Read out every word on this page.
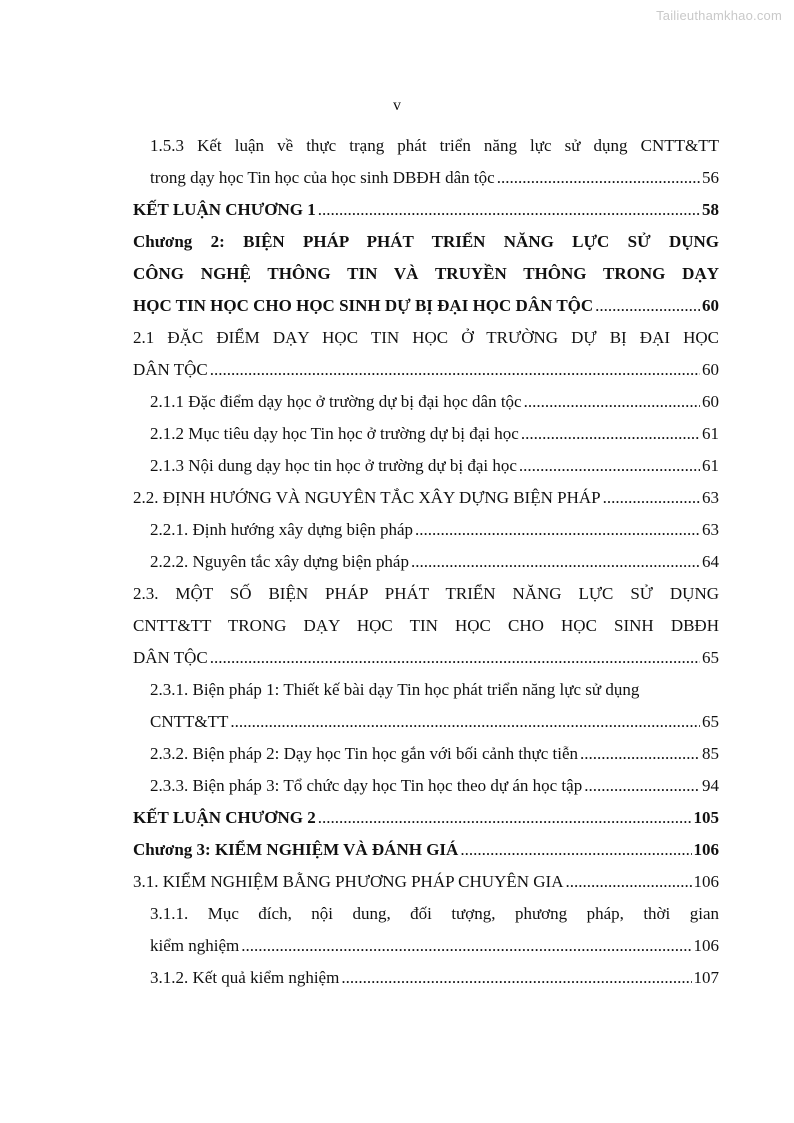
Tailieuthamkhao.com
v
1.5.3 Kết luận về thực trạng phát triển năng lực sử dụng CNTT&TT
trong dạy học Tin học của học sinh DBĐH dân tộc .....	56
KẾT LUẬN CHƯƠNG 1 .....	58
Chương 2: BIỆN PHÁP PHÁT TRIỂN NĂNG LỰC SỬ DỤNG
CÔNG NGHỆ THÔNG TIN VÀ TRUYỀN THÔNG TRONG DẠY
HỌC TIN HỌC CHO HỌC SINH DỰ BỊ ĐẠI HỌC DÂN TỘC .....	60
2.1 ĐẶC ĐIỂM DẠY HỌC TIN HỌC Ở TRƯỜNG DỰ BỊ ĐẠI HỌC
DÂN TỘC .....	60
2.1.1 Đặc điểm dạy học ở trường dự bị đại học dân tộc .....	60
2.1.2 Mục tiêu dạy học Tin học ở trường dự bị đại học .....	61
2.1.3 Nội dung dạy học tin học ở trường dự bị đại học .....	61
2.2. ĐỊNH HƯỚNG VÀ NGUYÊN TẮC XÂY DỰNG BIỆN PHÁP .....	63
2.2.1. Định hướng xây dựng biện pháp .....	63
2.2.2. Nguyên tắc xây dựng biện pháp .....	64
2.3. MỘT SỐ BIỆN PHÁP PHÁT TRIỂN NĂNG LỰC SỬ DỤNG
CNTT&TT TRONG DẠY HỌC TIN HỌC CHO HỌC SINH DBĐH
DÂN TỘC .....	65
2.3.1. Biện pháp 1: Thiết kế bài dạy Tin học phát triển năng lực sử dụng
CNTT&TT .....	65
2.3.2. Biện pháp 2: Dạy học Tin học gắn với bối cảnh thực tiễn .....	85
2.3.3. Biện pháp 3: Tổ chức dạy học Tin học theo dự án học tập .....	94
KẾT LUẬN CHƯƠNG 2 .....	105
Chương 3: KIỂM NGHIỆM VÀ ĐÁNH GIÁ .....	106
3.1. KIỂM NGHIỆM BẰNG PHƯƠNG PHÁP CHUYÊN GIA .....	106
3.1.1. Mục đích, nội dung, đối tượng, phương pháp, thời gian
kiểm nghiệm .....	106
3.1.2. Kết quả kiểm nghiệm .....	107
